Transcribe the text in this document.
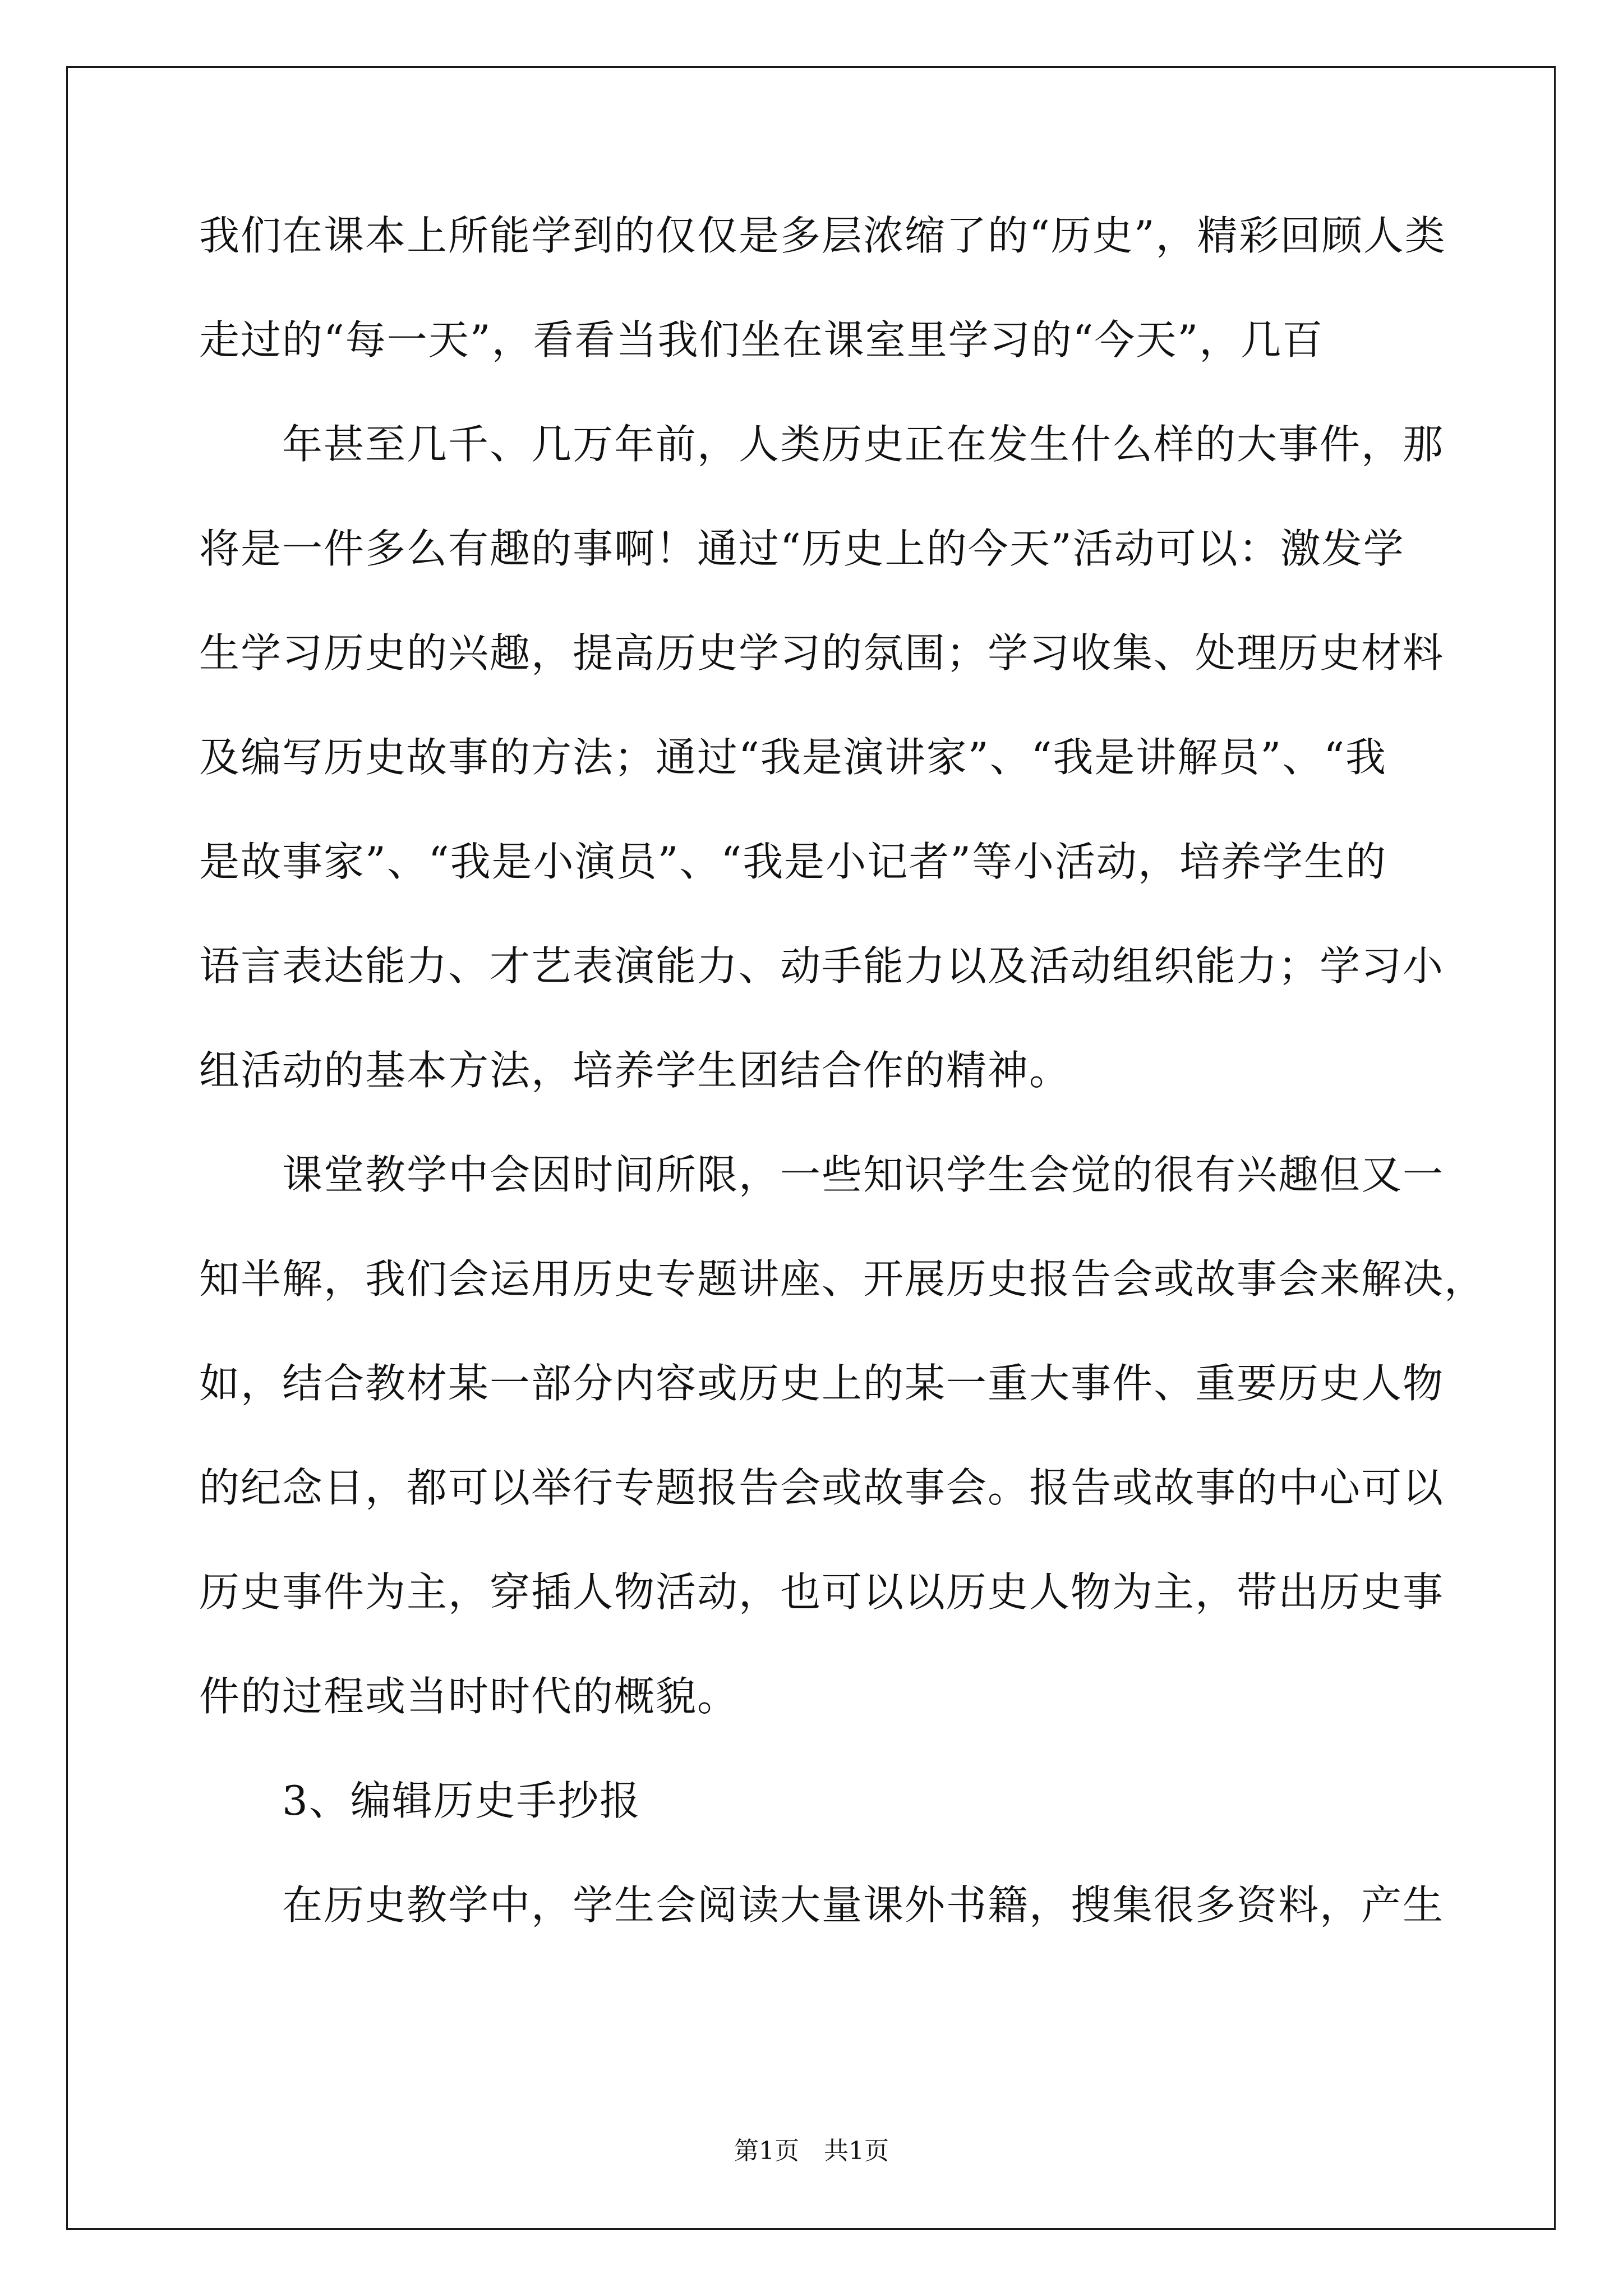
我们在课本上所能学到的仅仅是多层浓缩了的“历史”，精彩回顾人类
走过的“每一天”，看看当我们坐在课室里学习的“今天”，几百
年甚至几千、几万年前，人类历史正在发生什么样的大事件，那
将是一件多么有趣的事啊！通过“历史上的今天”活动可以：激发学
生学习历史的兴趣，提高历史学习的氛围；学习收集、处理历史材料
及编写历史故事的方法；通过“我是演讲家”、“我是讲解员”、“我
是故事家”、“我是小演员”、“我是小记者”等小活动，培养学生的
语言表达能力、才艺表演能力、动手能力以及活动组织能力；学习小
组活动的基本方法，培养学生团结合作的精神。
课堂教学中会因时间所限，一些知识学生会觉的很有兴趣但又一
知半解，我们会运用历史专题讲座、开展历史报告会或故事会来解决，
如，结合教材某一部分内容或历史上的某一重大事件、重要历史人物
的纪念日，都可以举行专题报告会或故事会。报告或故事的中心可以
历史事件为主，穿插人物活动，也可以以历史人物为主，带出历史事
件的过程或当时时代的概貌。
3、编辑历史手抄报
在历史教学中，学生会阅读大量课外书籍，搜集很多资料，产生
第1页　共1页
